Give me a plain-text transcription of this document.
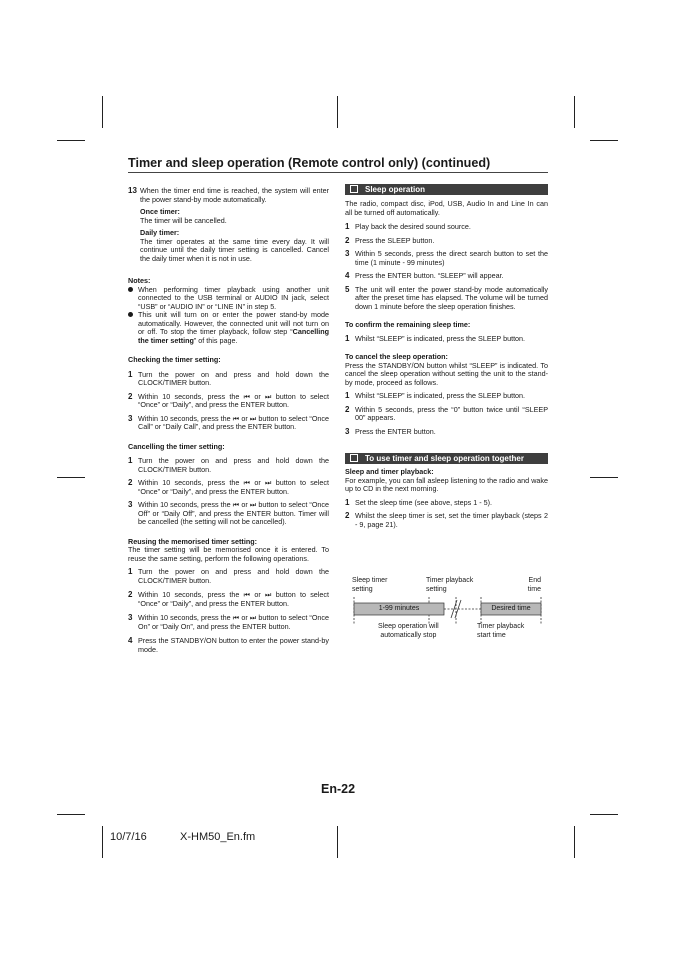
Timer and sleep operation (Remote control only) (continued)
13 When the timer end time is reached, the system will enter the power stand-by mode automatically.

Once timer:

The timer will be cancelled.

Daily timer:

The timer operates at the same time every day. It will continue until the daily timer setting is cancelled. Cancel the daily timer when it is not in use.

Notes:

When performing timer playback using another unit connected to the USB terminal or AUDIO IN jack, select “USB” or “AUDIO IN” or “LINE IN” in step 5.
This unit will turn on or enter the power stand-by mode automatically. However, the connected unit will not turn on or off. To stop the timer playback, follow step “Cancelling the timer setting” of this page.

Checking the timer setting:

1 Turn the power on and press and hold down the CLOCK/TIMER button.
2 Within 10 seconds, press the ⏮ or ⏭ button to select “Once” or “Daily”, and press the ENTER button.
3 Within 10 seconds, press the ⏮ or ⏭ button to select “Once Call” or “Daily Call”, and press the ENTER button.

Cancelling the timer setting:

1 Turn the power on and press and hold down the CLOCK/TIMER button.
2 Within 10 seconds, press the ⏮ or ⏭ button to select “Once” or “Daily”, and press the ENTER button.
3 Within 10 seconds, press the ⏮ or ⏭ button to select “Once Off” or “Daily Off”, and press the ENTER button. Timer will be cancelled (the setting will not be cancelled).

Reusing the memorised timer setting:

The timer setting will be memorised once it is entered. To reuse the same setting, perform the following operations.

1 Turn the power on and press and hold down the CLOCK/TIMER button.
2 Within 10 seconds, press the ⏮ or ⏭ button to select “Once” or “Daily”, and press the ENTER button.
3 Within 10 seconds, press the ⏮ or ⏭ button to select “Once On” or “Daily On”, and press the ENTER button.
4 Press the STANDBY/ON button to enter the power stand-by mode.
Sleep operation

The radio, compact disc, iPod, USB, Audio In and Line In can all be turned off automatically.

1 Play back the desired sound source.
2 Press the SLEEP button.
3 Within 5 seconds, press the direct search button to set the time (1 minute - 99 minutes)
4 Press the ENTER button. “SLEEP” will appear.
5 The unit will enter the power stand-by mode automatically after the preset time has elapsed. The volume will be turned down 1 minute before the sleep operation finishes.

To confirm the remaining sleep time:

1 Whilst “SLEEP” is indicated, press the SLEEP button.

To cancel the sleep operation:

Press the STANDBY/ON button whilst “SLEEP” is indicated. To cancel the sleep operation without setting the unit to the stand-by mode, proceed as follows.

1 Whilst “SLEEP” is indicated, press the SLEEP button.
2 Within 5 seconds, press the “0” button twice until “SLEEP 00” appears.
3 Press the ENTER button.
To use timer and sleep operation together

Sleep and timer playback:

For example, you can fall asleep listening to the radio and wake up to CD in the next morning.

1 Set the sleep time (see above, steps 1 - 5).
2 Whilst the sleep timer is set, set the timer playback (steps 2 - 9, page 21).
Sleep timer
setting
Timer playback
setting
End
time
1-99 minutes	Desired time
Sleep operation will
automatically stop
Timer playback
start time
En-22
10/7/16	X-HM50_En.fm
